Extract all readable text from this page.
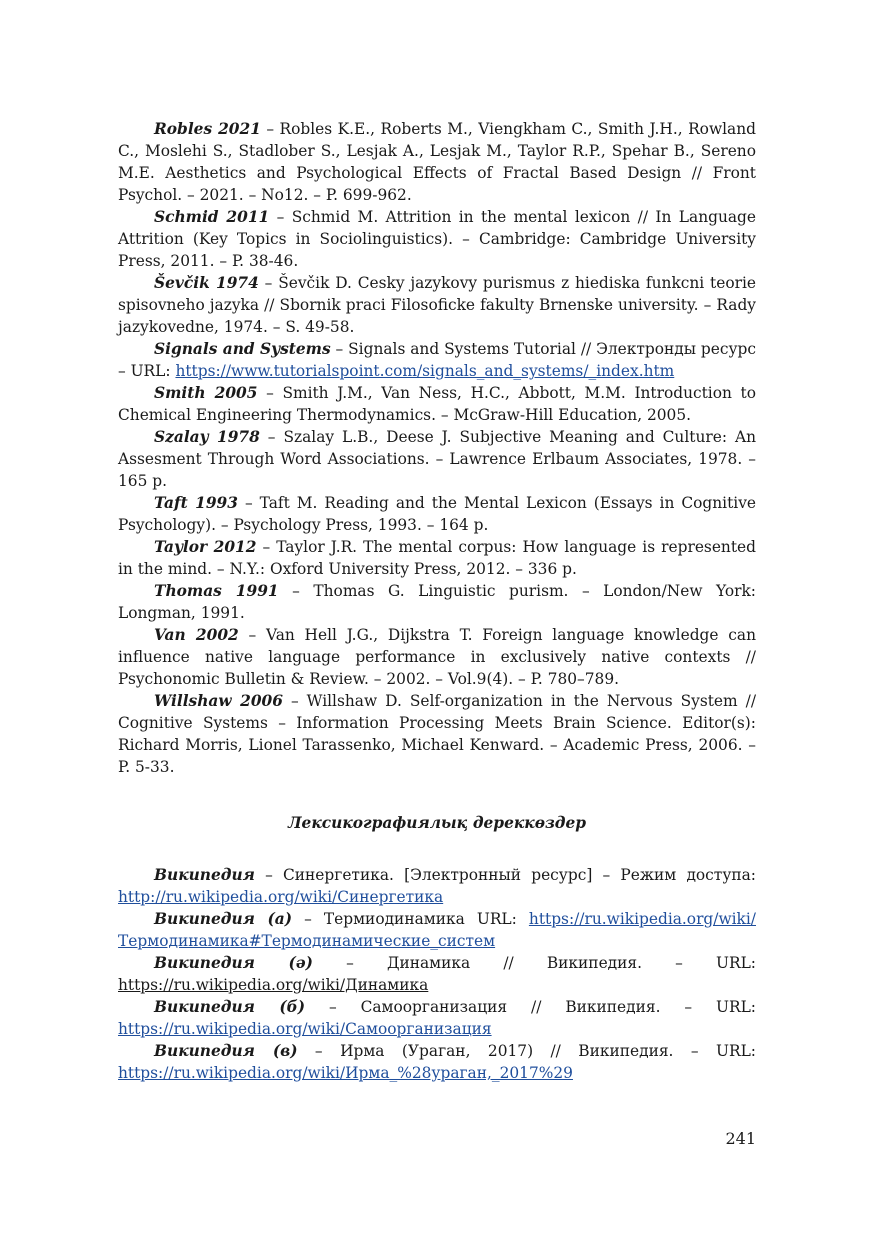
Robles 2021 – Robles K.E., Roberts M., Viengkham C., Smith J.H., Rowland C., Moslehi S., Stadlober S., Lesjak A., Lesjak M., Taylor R.P., Spehar B., Sereno M.E. Aesthetics and Psychological Effects of Fractal Based Design // Front Psychol. – 2021. – No12. – P. 699-962.

Schmid 2011 – Schmid M. Attrition in the mental lexicon // In Language Attrition (Key Topics in Sociolinguistics). – Cambridge: Cambridge University Press, 2011. – P. 38-46.

Ševčik 1974 – Ševčik D. Cesky jazykovy purismus z hiediska funkcni teorie spisovneho jazyka // Sbornik praci Filosoficke fakulty Brnenske university. – Rady jazykovedne, 1974. – S. 49-58.

Signals and Systems – Signals and Systems Tutorial // Электронды ресурс – URL: https://www.tutorialspoint.com/signals_and_systems/_index.htm

Smith 2005 – Smith J.M., Van Ness, H.C., Abbott, M.M. Introduction to Chemical Engineering Thermodynamics. – McGraw-Hill Education, 2005.

Szalay 1978 – Szalay L.B., Deese J. Subjective Meaning and Culture: An Assesment Through Word Associations. – Lawrence Erlbaum Associates, 1978. – 165 p.

Taft 1993 – Taft M. Reading and the Mental Lexicon (Essays in Cognitive Psychology). – Psychology Press, 1993. – 164 p.

Taylor 2012 – Taylor J.R. The mental corpus: How language is represented in the mind. – N.Y.: Oxford University Press, 2012. – 336 p.

Thomas 1991 – Thomas G. Linguistic purism. – London/New York: Longman, 1991.

Van 2002 – Van Hell J.G., Dijkstra T. Foreign language knowledge can influence native language performance in exclusively native contexts // Psychonomic Bulletin & Review. – 2002. – Vol.9(4). – P. 780–789.

Willshaw 2006 – Willshaw D. Self-organization in the Nervous System // Cognitive Systems – Information Processing Meets Brain Science. Editor(s): Richard Morris, Lionel Tarassenko, Michael Kenward. – Academic Press, 2006. – P. 5-33.

Лексикографиялық дереккөздер

Википедия – Синергетика. [Электронный ресурс] – Режим доступа: http://ru.wikipedia.org/wiki/Синергетика

Википедия (а) – Термиодинамика URL: https://ru.wikipedia.org/wiki/Термодинамика#Термодинамические_систем

Википедия (ә) – Динамика // Википедия. – URL: https://ru.wikipedia.org/wiki/Динамика

Википедия (б) – Самоорганизация // Википедия. – URL: https://ru.wikipedia.org/wiki/Самоорганизация

Википедия (в) – Ирма (Ураган, 2017) // Википедия. – URL: https://ru.wikipedia.org/wiki/Ирма_%28ураган,_2017%29

241
